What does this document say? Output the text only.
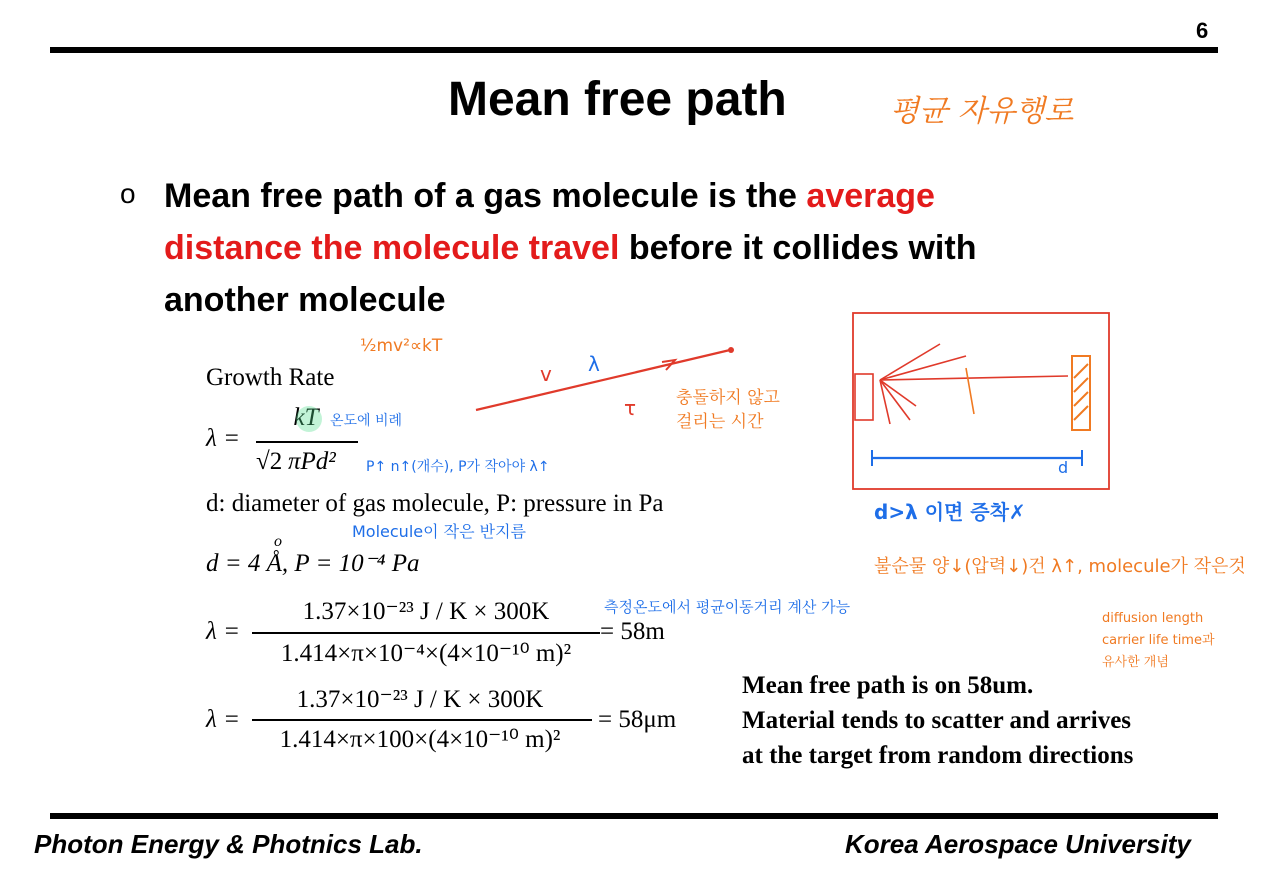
6
Mean free path	평균 자유행로
o Mean free path of a gas molecule is the average
distance the molecule travel before it collides with
another molecule
½mv²∝kT
Growth Rate
λ =
kT
√2 πPd²
온도에 비례
P↑ n↑(개수), P가 작아야 λ↑
d: diameter of gas molecule, P: pressure in Pa
Molecule이 작은 반지름
o
d = 4 Å, P = 10⁻⁴ Pa
λ =
1.37×10⁻²³ J / K × 300K
1.414×π×10⁻⁴×(4×10⁻¹⁰ m)²
= 58m
측정온도에서 평균이동거리 계산 가능
λ =
1.37×10⁻²³ J / K × 300K
1.414×π×100×(4×10⁻¹⁰ m)²
= 58μm
Mean free path is on 58um.
Material tends to scatter and arrives
at the target from random directions
v λ
τ 충돌하지 않고
걸리는 시간
d
d>λ 이면 증착✗
불순물 양↓(압력↓)건 λ↑, molecule가 작은것
diffusion length
carrier life time과
유사한 개념
Photon Energy & Photnics Lab.	Korea Aerospace University
